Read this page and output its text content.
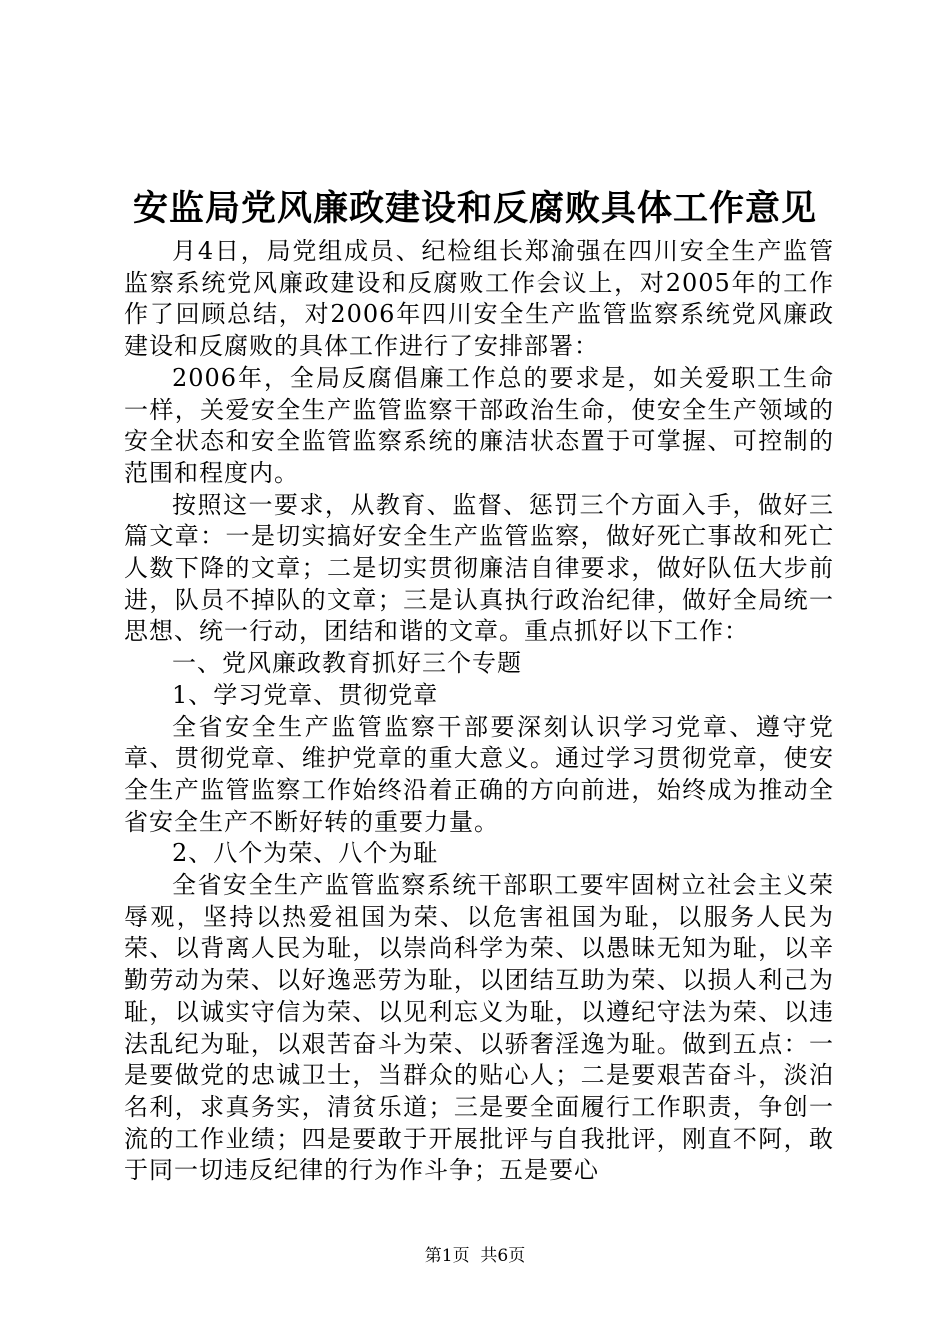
安监局党风廉政建设和反腐败具体工作意见

月4日，局党组成员、纪检组长郑渝强在四川安全生产监管监察系统党风廉政建设和反腐败工作会议上，对2005年的工作作了回顾总结，对2006年四川安全生产监管监察系统党风廉政建设和反腐败的具体工作进行了安排部署：

2006年，全局反腐倡廉工作总的要求是，如关爱职工生命一样，关爱安全生产监管监察干部政治生命，使安全生产领域的安全状态和安全监管监察系统的廉洁状态置于可掌握、可控制的范围和程度内。

按照这一要求，从教育、监督、惩罚三个方面入手，做好三篇文章：一是切实搞好安全生产监管监察，做好死亡事故和死亡人数下降的文章；二是切实贯彻廉洁自律要求，做好队伍大步前进，队员不掉队的文章；三是认真执行政治纪律，做好全局统一思想、统一行动，团结和谐的文章。重点抓好以下工作：

一、党风廉政教育抓好三个专题

1、学习党章、贯彻党章

全省安全生产监管监察干部要深刻认识学习党章、遵守党章、贯彻党章、维护党章的重大意义。通过学习贯彻党章，使安全生产监管监察工作始终沿着正确的方向前进，始终成为推动全省安全生产不断好转的重要力量。

2、八个为荣、八个为耻

全省安全生产监管监察系统干部职工要牢固树立社会主义荣辱观，坚持以热爱祖国为荣、以危害祖国为耻，以服务人民为荣、以背离人民为耻，以崇尚科学为荣、以愚昧无知为耻，以辛勤劳动为荣、以好逸恶劳为耻，以团结互助为荣、以损人利己为耻，以诚实守信为荣、以见利忘义为耻，以遵纪守法为荣、以违法乱纪为耻，以艰苦奋斗为荣、以骄奢淫逸为耻。做到五点：一是要做党的忠诚卫士，当群众的贴心人；二是要艰苦奋斗，淡泊名利，求真务实，清贫乐道；三是要全面履行工作职责，争创一流的工作业绩；四是要敢于开展批评与自我批评，刚直不阿，敢于同一切违反纪律的行为作斗争；五是要心

第1页  共6页
